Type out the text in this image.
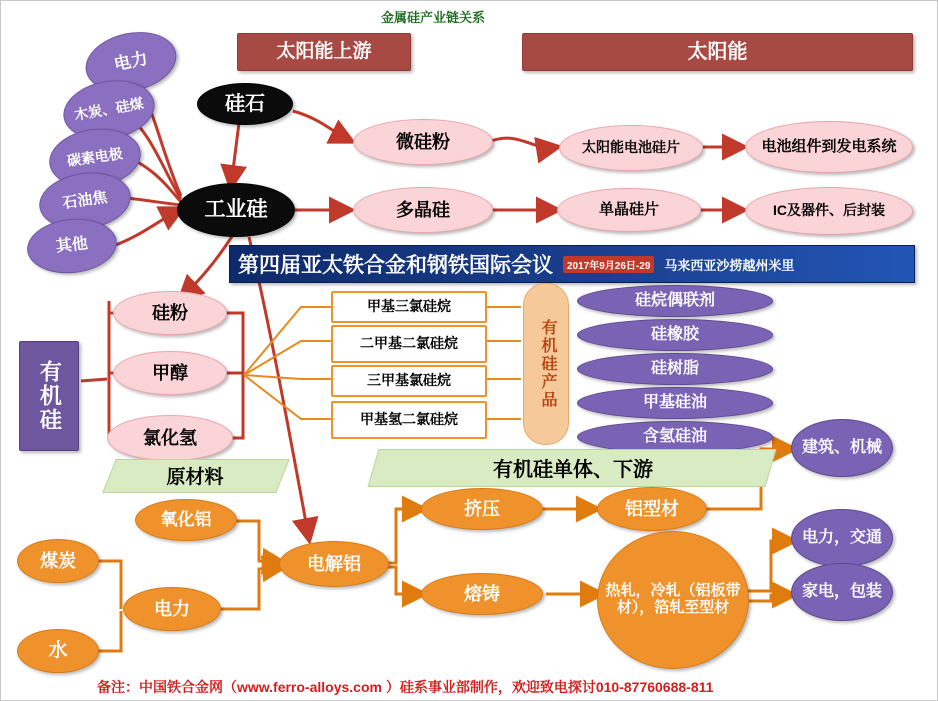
金属硅产业链关系
太阳能上游	太阳能
电力
木炭、硅煤
碳素电极
石油焦
其他
硅石
工业硅
微硅粉
多晶硅
太阳能电池硅片
单晶硅片
电池组件到发电系统
IC及器件、后封装
第四届亚太铁合金和钢铁国际会议	2017年9月26日-29	马来西亚沙捞越州米里
有机硅
硅粉
甲醇
氯化氢
甲基三氯硅烷
二甲基二氯硅烷
三甲基氯硅烷
甲基氢二氯硅烷
有机硅产品
硅烷偶联剂
硅橡胶
硅树脂
甲基硅油
含氢硅油
原材料	有机硅单体、下游
氧化铝
煤炭
电力
水
电解铝
挤压
熔铸
铝型材
热轧，冷轧（铝板带材），箔轧至型材
建筑、机械
电力，交通
家电，包装
备注：中国铁合金网（www.ferro-alloys.com ）硅系事业部制作，欢迎致电探讨010-87760688-811
